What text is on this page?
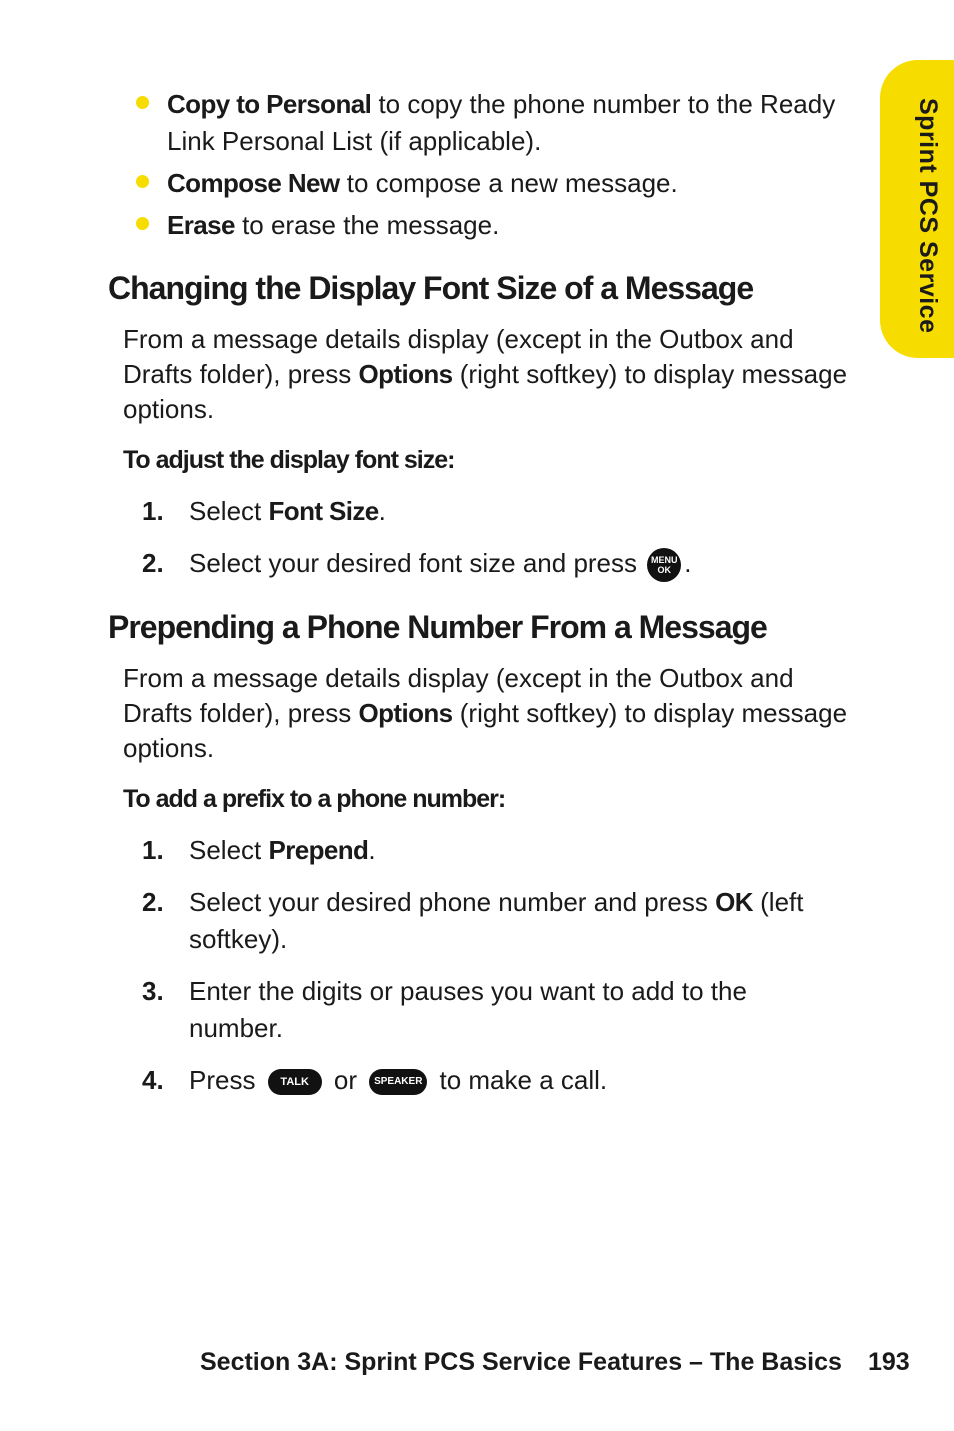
Sprint PCS Service
Copy to Personal to copy the phone number to the Ready Link Personal List (if applicable).
Compose New to compose a new message.
Erase to erase the message.
Changing the Display Font Size of a Message

From a message details display (except in the Outbox and Drafts folder), press Options (right softkey) to display message options.

To adjust the display font size:

1. Select Font Size.
2. Select your desired font size and press MENU
OK .
Prepending a Phone Number From a Message

From a message details display (except in the Outbox and Drafts folder), press Options (right softkey) to display message options.

To add a prefix to a phone number:

1. Select Prepend.
2. Select your desired phone number and press OK (left softkey).
3. Enter the digits or pauses you want to add to the number.
4. Press TALK or SPEAKER to make a call.
Section 3A: Sprint PCS Service Features – The Basics 193
